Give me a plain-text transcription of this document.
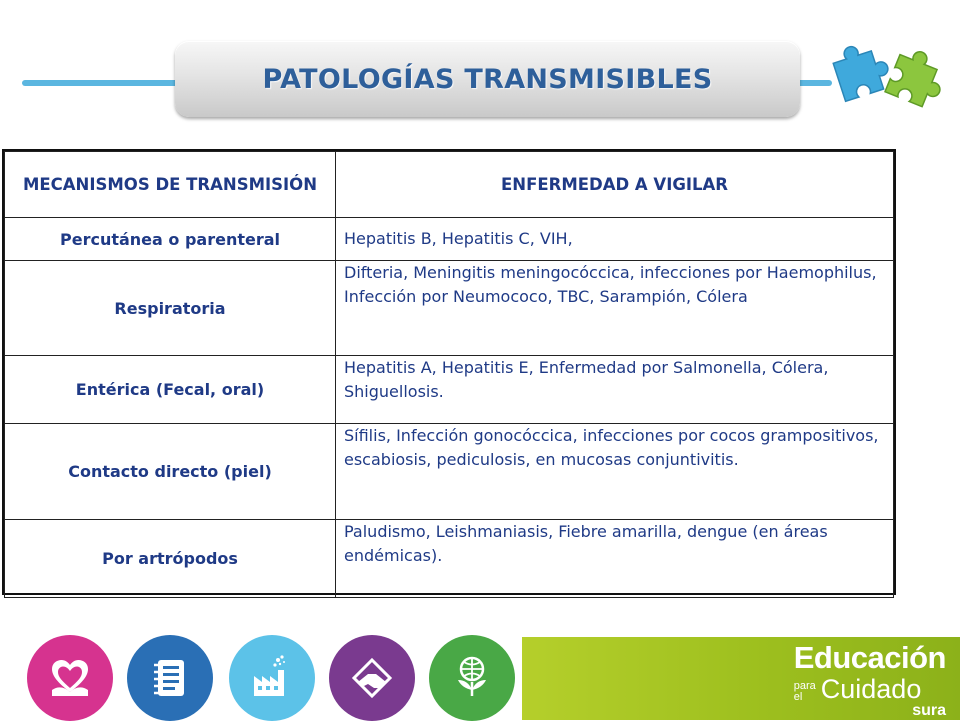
PATOLOGÍAS TRANSMISIBLES
MECANISMOS DE TRANSMISIÓN	ENFERMEDAD A VIGILAR
Percutánea o parenteral	Hepatitis B, Hepatitis C, VIH,
Respiratoria	Difteria, Meningitis meningocóccica, infecciones por Haemophilus, Infección por Neumococo, TBC, Sarampión, Cólera
Entérica (Fecal, oral)	Hepatitis A, Hepatitis E, Enfermedad por Salmonella, Cólera, Shiguellosis.
Contacto directo (piel)	Sífilis, Infección gonocóccica, infecciones por cocos grampositivos, escabiosis, pediculosis, en mucosas conjuntivitis.
Por artrópodos	Paludismo, Leishmaniasis, Fiebre amarilla, dengue (en áreas endémicas).
Educación
para
el Cuidado
sura
